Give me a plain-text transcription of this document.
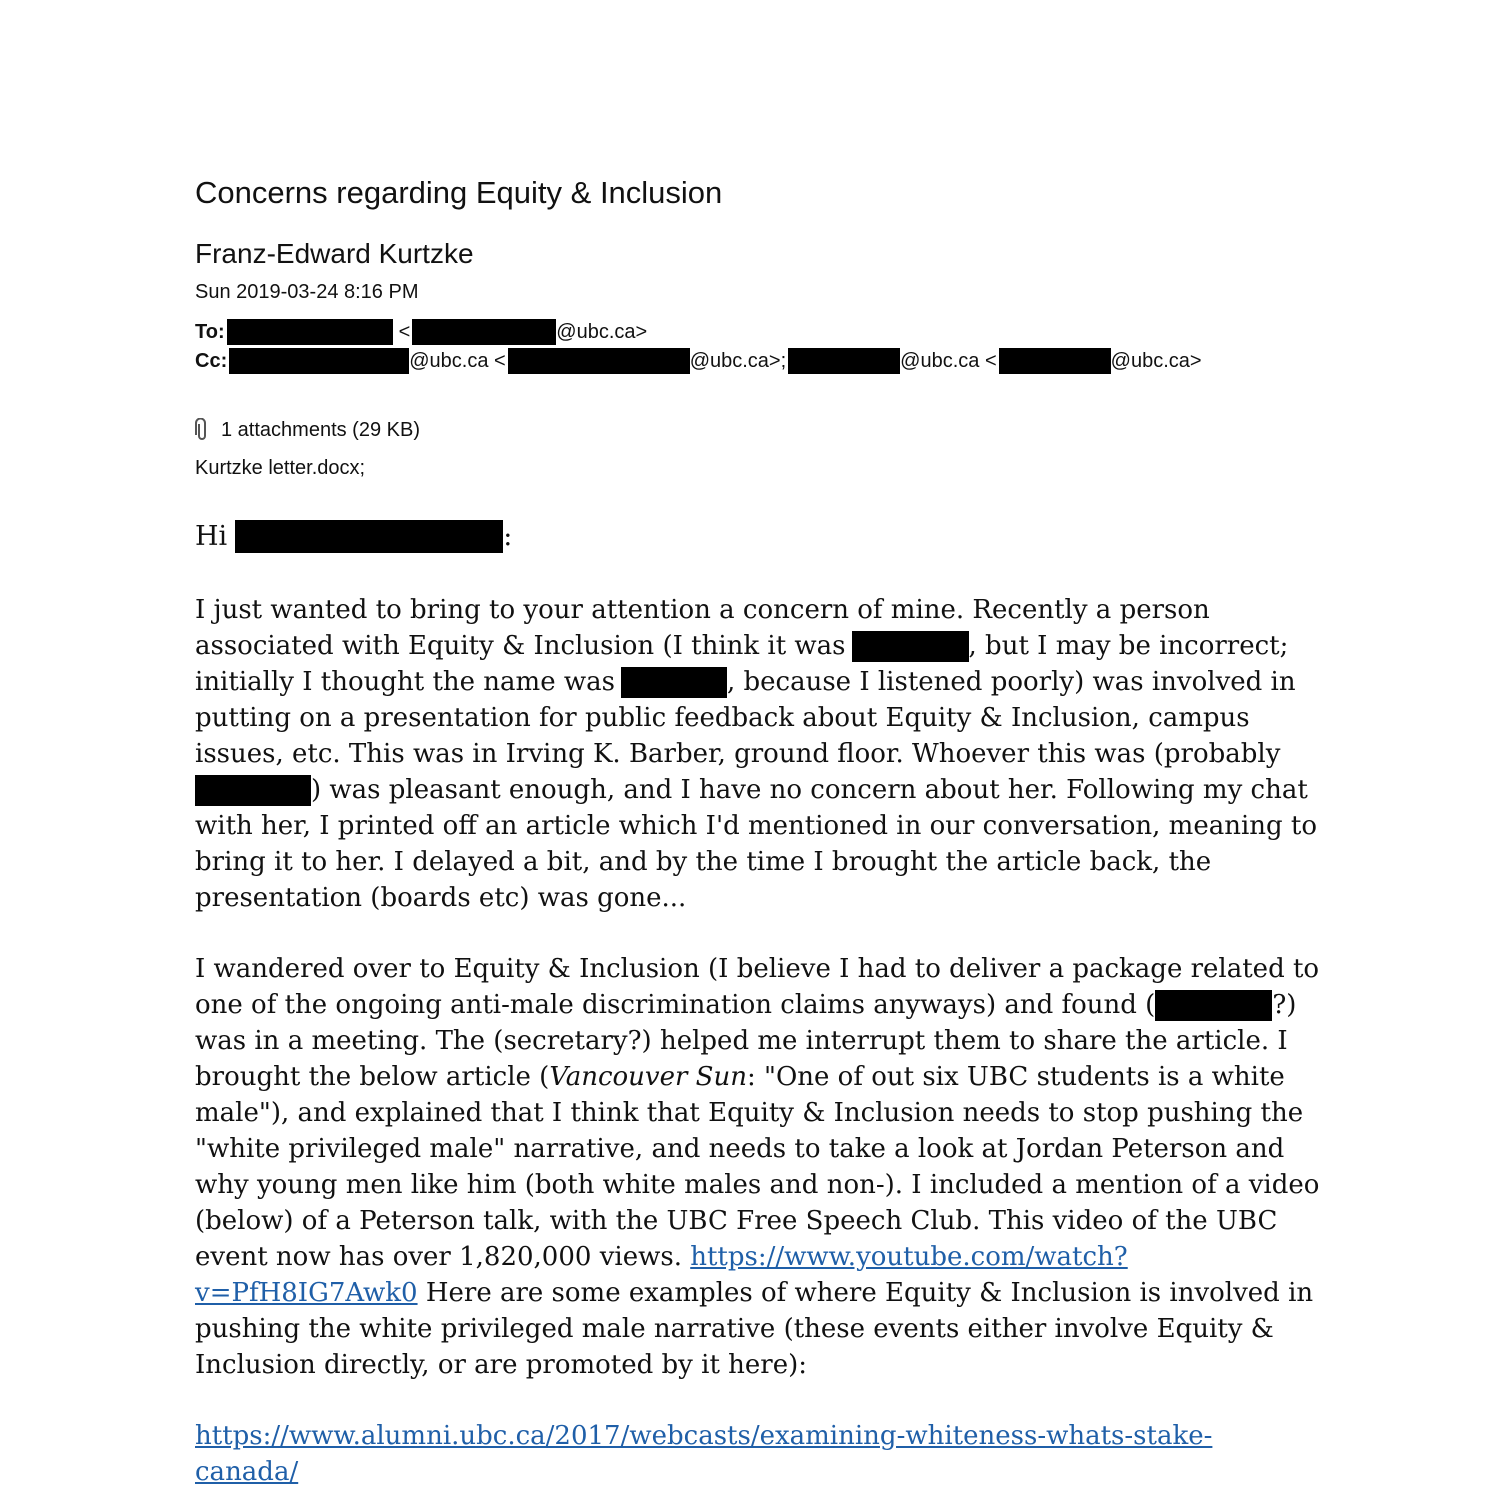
Concerns regarding Equity & Inclusion
Franz-Edward Kurtzke
Sun 2019-03-24 8:16 PM
To:	<	@ubc.ca>
Cc:	@ubc.ca <	@ubc.ca>;	@ubc.ca <	@ubc.ca>
1 attachments (29 KB)
Kurtzke letter.docx;
Hi	:
I just wanted to bring to your attention a concern of mine. Recently a person
associated with Equity & Inclusion (I think it was	, but I may be incorrect;
initially I thought the name was	, because I listened poorly) was involved in
putting on a presentation for public feedback about Equity & Inclusion, campus
issues, etc. This was in Irving K. Barber, ground floor. Whoever this was (probably
) was pleasant enough, and I have no concern about her. Following my chat
with her, I printed off an article which I'd mentioned in our conversation, meaning to
bring it to her. I delayed a bit, and by the time I brought the article back, the
presentation (boards etc) was gone...
I wandered over to Equity & Inclusion (I believe I had to deliver a package related to
one of the ongoing anti-male discrimination claims anyways) and found (	?)
was in a meeting. The (secretary?) helped me interrupt them to share the article. I
brought the below article ( Vancouver Sun : "One of out six UBC students is a white
male"), and explained that I think that Equity & Inclusion needs to stop pushing the
"white privileged male" narrative, and needs to take a look at Jordan Peterson and
why young men like him (both white males and non-). I included a mention of a video
(below) of a Peterson talk, with the UBC Free Speech Club. This video of the UBC
event now has over 1,820,000 views. https://www.youtube.com/watch?
v=PfH8IG7Awk0 Here are some examples of where Equity & Inclusion is involved in
pushing the white privileged male narrative (these events either involve Equity &
Inclusion directly, or are promoted by it here):
https://www.alumni.ubc.ca/2017/webcasts/examining-whiteness-whats-stake-
canada/
